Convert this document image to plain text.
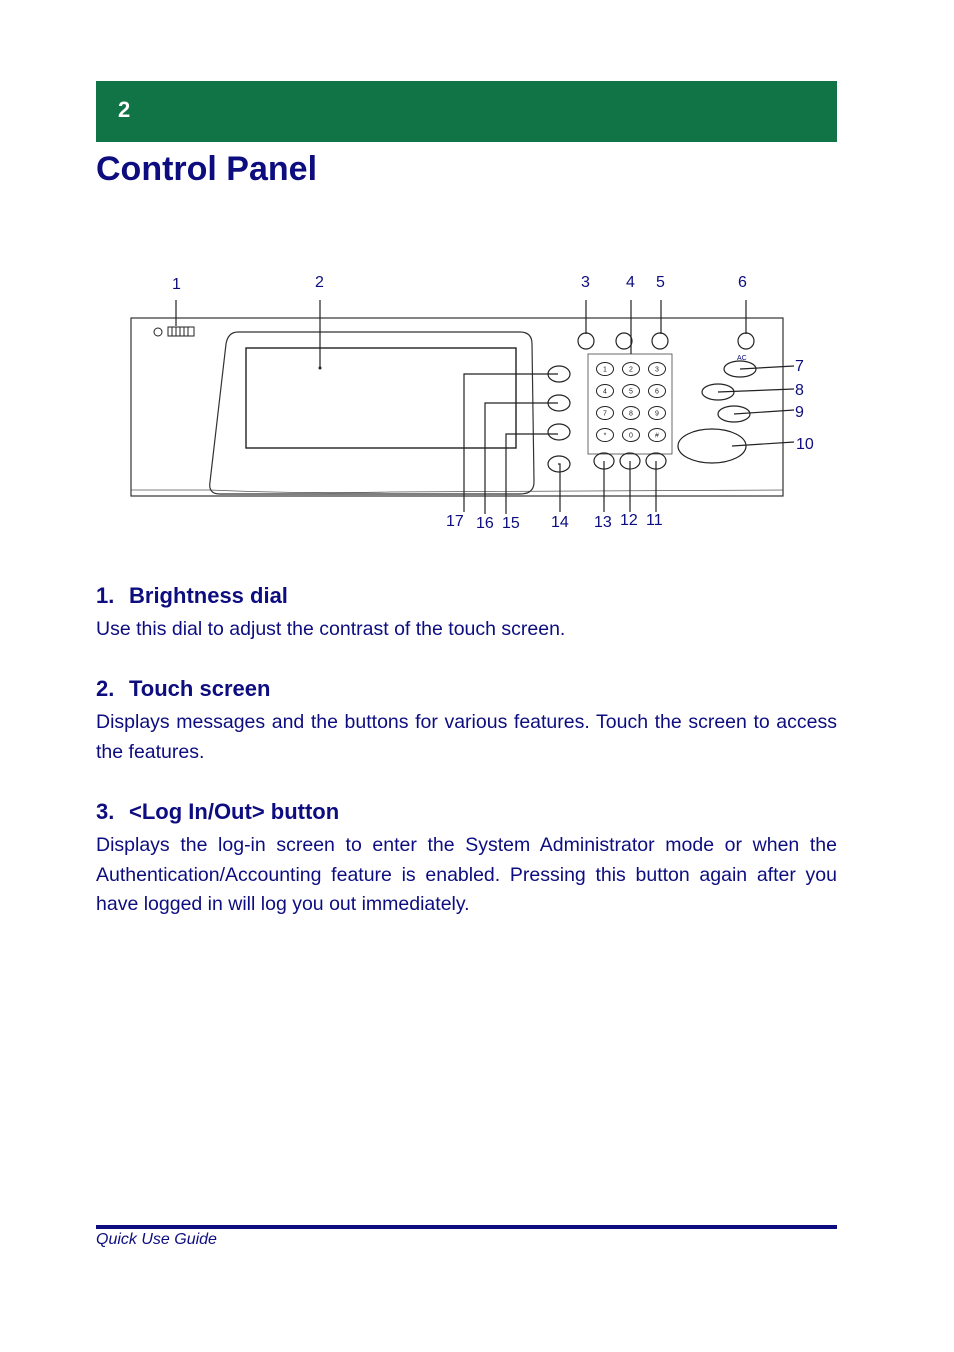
2
Control Panel
1	2	3
4	5	6
7	8	9
*	0	#
AC
1	2	3 4 5	6
7
8
9
10
17 16 15 14 13 12 11
1. Brightness dial

Use this dial to adjust the contrast of the touch screen.

2. Touch screen

Displays messages and the buttons for various features. Touch the screen to access the features.

3. <Log In/Out> button

Displays the log-in screen to enter the System Administrator mode or when the Authentication/Accounting feature is enabled. Pressing this button again after you have logged in will log you out immediately.

Quick Use Guide
